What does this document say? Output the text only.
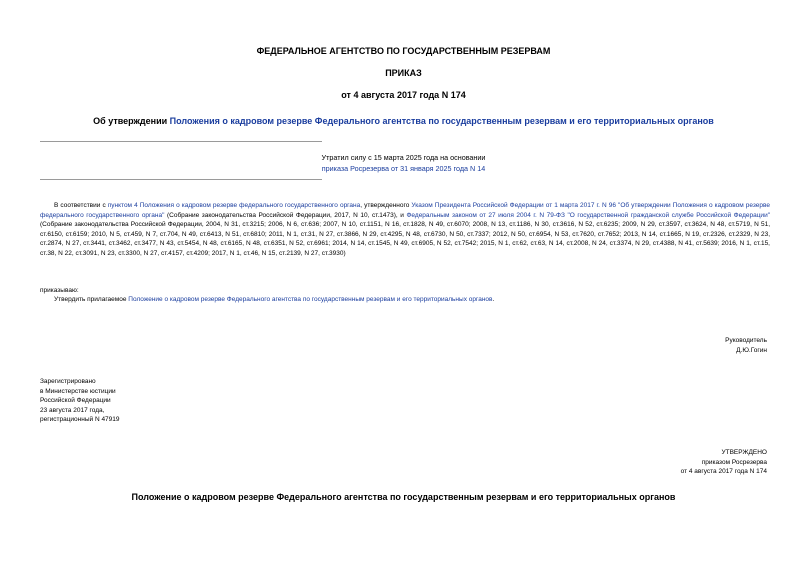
ФЕДЕРАЛЬНОЕ АГЕНТСТВО ПО ГОСУДАРСТВЕННЫМ РЕЗЕРВАМ
ПРИКАЗ
от 4 августа 2017 года N 174
Об утверждении Положения о кадровом резерве Федерального агентства по государственным резервам и его территориальных органов
Утратил силу с 15 марта 2025 года на основании
приказа Росрезерва от 31 января 2025 года N 14
В соответствии с пунктом 4 Положения о кадровом резерве федерального государственного органа, утвержденного Указом Президента Российской Федерации от 1 марта 2017 г. N 96 "Об утверждении Положения о кадровом резерве федерального государственного органа" (Собрание законодательства Российской Федерации, 2017, N 10, ст.1473), и Федеральным законом от 27 июля 2004 г. N 79-ФЗ "О государственной гражданской службе Российской Федерации" (Собрание законодательства Российской Федерации, 2004, N 31, ст.3215; 2006, N 6, ст.636; 2007, N 10, ст.1151, N 16, ст.1828, N 49, ст.6070; 2008, N 13, ст.1186, N 30, ст.3616, N 52, ст.6235; 2009, N 29, ст.3597, ст.3624, N 48, ст.5719, N 51, ст.6150, ст.6159; 2010, N 5, ст.459, N 7, ст.704, N 49, ст.6413, N 51, ст.6810; 2011, N 1, ст.31, N 27, ст.3866, N 29, ст.4295, N 48, ст.6730, N 50, ст.7337; 2012, N 50, ст.6954, N 53, ст.7620, ст.7652; 2013, N 14, ст.1665, N 19, ст.2326, ст.2329, N 23, ст.2874, N 27, ст.3441, ст.3462, ст.3477, N 43, ст.5454, N 48, ст.6165, N 48, ст.6351, N 52, ст.6961; 2014, N 14, ст.1545, N 49, ст.6905, N 52, ст.7542; 2015, N 1, ст.62, ст.63, N 14, ст.2008, N 24, ст.3374, N 29, ст.4388, N 41, ст.5639; 2016, N 1, ст.15, ст.38, N 22, ст.3091, N 23, ст.3300, N 27, ст.4157, ст.4209; 2017, N 1, ст.46, N 15, ст.2139, N 27, ст.3930)
приказываю:
Утвердить прилагаемое Положение о кадровом резерве Федерального агентства по государственным резервам и его территориальных органов.
Руководитель
Д.Ю.Гогин
Зарегистрировано
в Министерстве юстиции
Российской Федерации
23 августа 2017 года,
регистрационный N 47919
УТВЕРЖДЕНО
приказом Росрезерва
от 4 августа 2017 года N 174
Положение о кадровом резерве Федерального агентства по государственным резервам и его территориальных органов
